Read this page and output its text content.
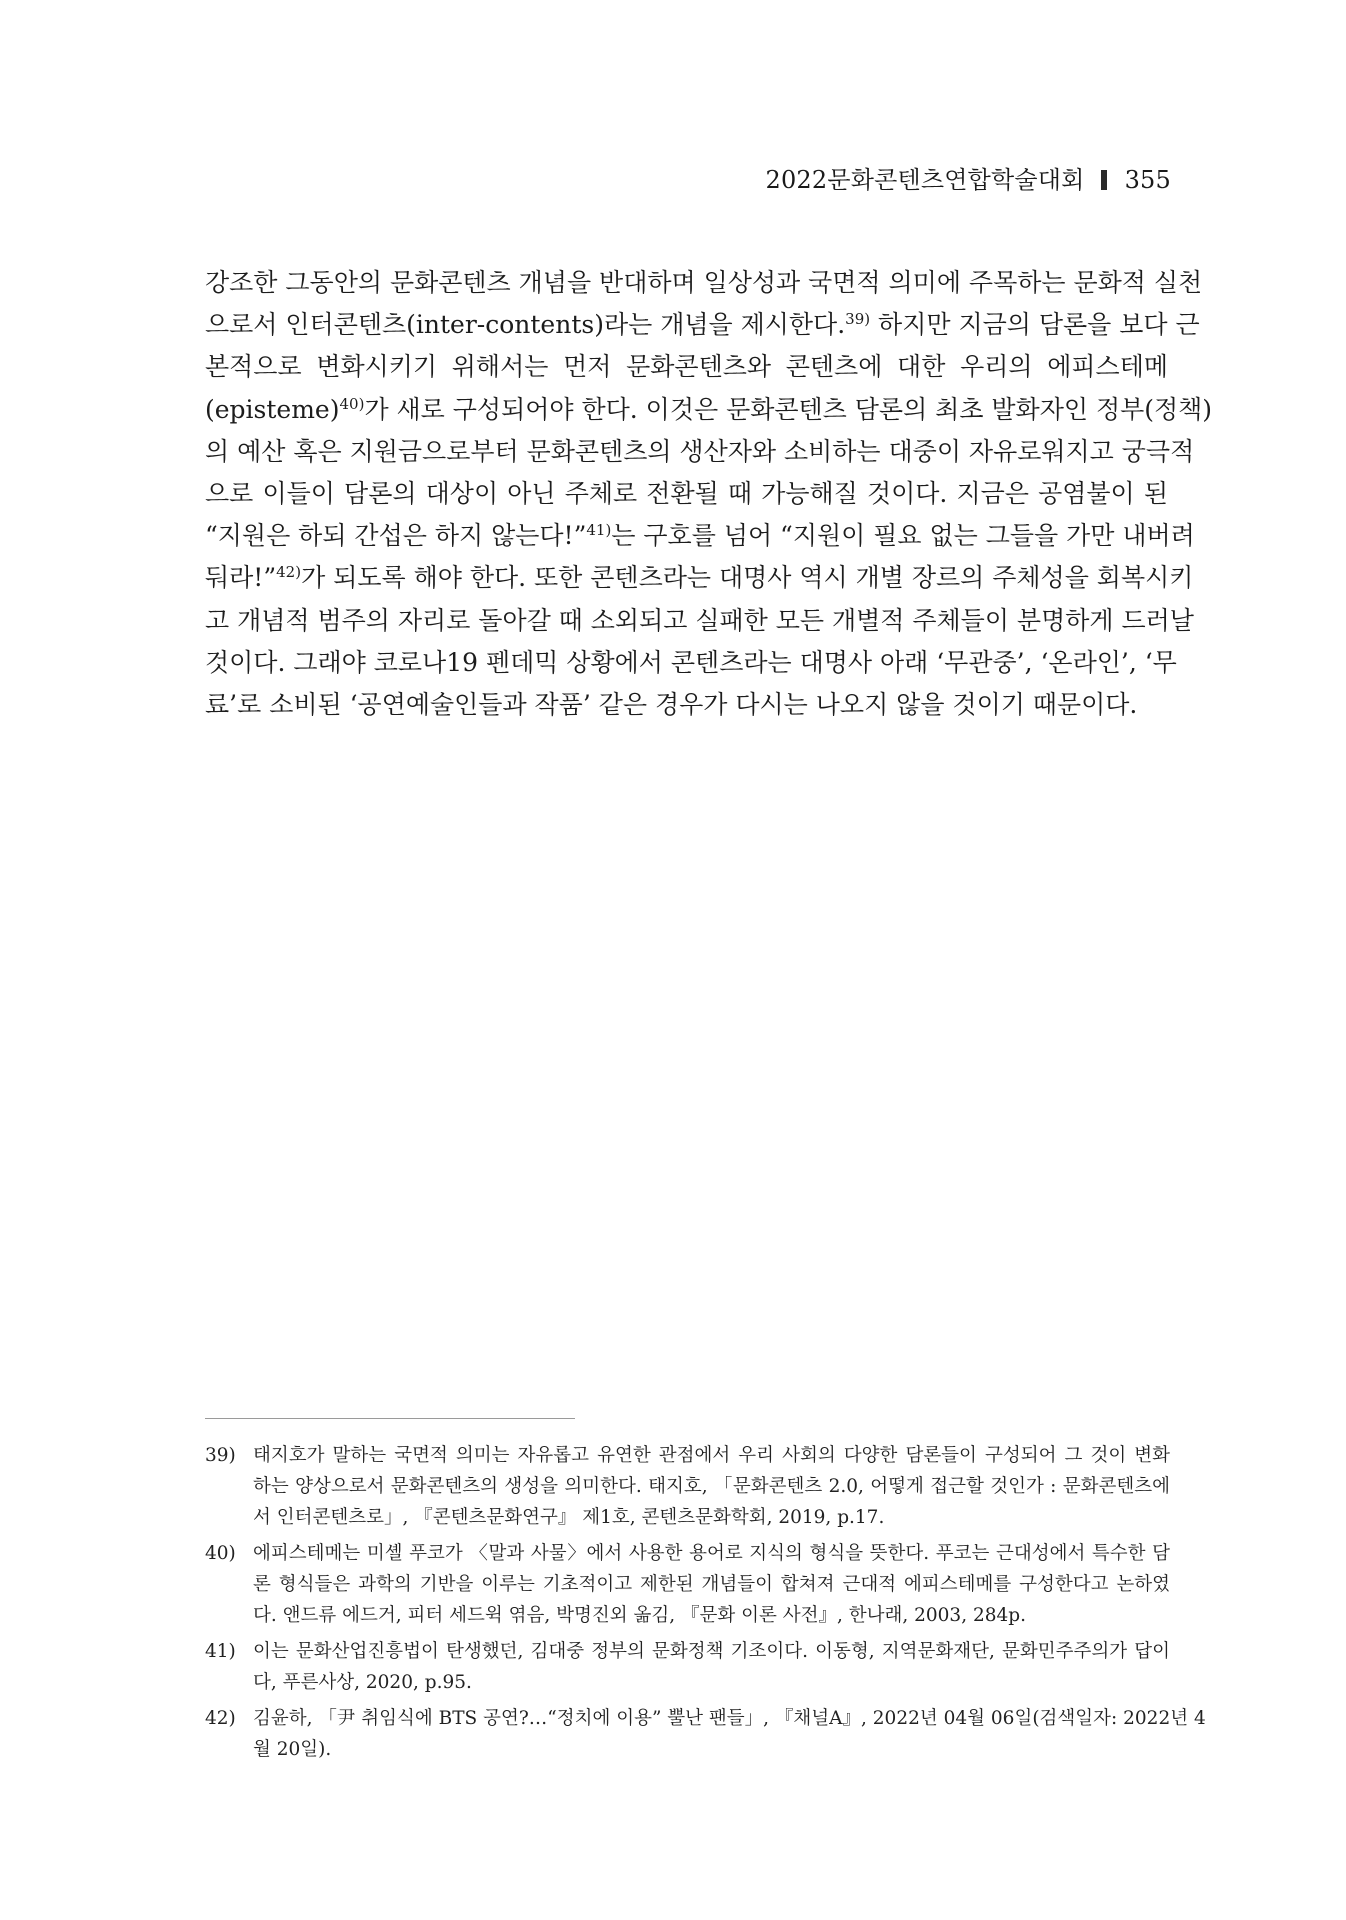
2022문화콘텐츠연합학술대회 355
강조한 그동안의 문화콘텐츠 개념을 반대하며 일상성과 국면적 의미에 주목하는 문화적 실천
으로서 인터콘텐츠(inter-contents)라는 개념을 제시한다.$^{39)}$ 하지만 지금의 담론을 보다 근
본적으로 변화시키기 위해서는 먼저 문화콘텐츠와 콘텐츠에 대한 우리의 에피스테메
(episteme)$^{40)}$가 새로 구성되어야 한다. 이것은 문화콘텐츠 담론의 최초 발화자인 정부(정책)
의 예산 혹은 지원금으로부터 문화콘텐츠의 생산자와 소비하는 대중이 자유로워지고 궁극적
으로 이들이 담론의 대상이 아닌 주체로 전환될 때 가능해질 것이다. 지금은 공염불이 된
“지원은 하되 간섭은 하지 않는다!”$^{41)}$는 구호를 넘어 “지원이 필요 없는 그들을 가만 내버려
둬라!”$^{42)}$가 되도록 해야 한다. 또한 콘텐츠라는 대명사 역시 개별 장르의 주체성을 회복시키
고 개념적 범주의 자리로 돌아갈 때 소외되고 실패한 모든 개별적 주체들이 분명하게 드러날
것이다. 그래야 코로나19 펜데믹 상황에서 콘텐츠라는 대명사 아래 ‘무관중’, ‘온라인’, ‘무
료’로 소비된 ‘공연예술인들과 작품’ 같은 경우가 다시는 나오지 않을 것이기 때문이다.
39) 태지호가 말하는 국면적 의미는 자유롭고 유연한 관점에서 우리 사회의 다양한 담론들이 구성되어 그 것이 변화
하는 양상으로서 문화콘텐츠의 생성을 의미한다. 태지호, 「문화콘텐츠 2.0, 어떻게 접근할 것인가 : 문화콘텐츠에
서 인터콘텐츠로」, 『콘텐츠문화연구』 제1호, 콘텐츠문화학회, 2019, p.17.
40) 에피스테메는 미셸 푸코가 〈말과 사물〉에서 사용한 용어로 지식의 형식을 뜻한다. 푸코는 근대성에서 특수한 담
론 형식들은 과학의 기반을 이루는 기초적이고 제한된 개념들이 합쳐져 근대적 에피스테메를 구성한다고 논하였
다. 앤드류 에드거, 피터 세드윅 엮음, 박명진외 옮김, 『문화 이론 사전』, 한나래, 2003, 284p.
41) 이는 문화산업진흥법이 탄생했던, 김대중 정부의 문화정책 기조이다. 이동형, 지역문화재단, 문화민주주의가 답이
다, 푸른사상, 2020, p.95.
42) 김윤하, 「尹 취임식에 BTS 공연?…“정치에 이용” 뿔난 팬들」, 『채널A』, 2022년 04월 06일(검색일자: 2022년 4
월 20일).
